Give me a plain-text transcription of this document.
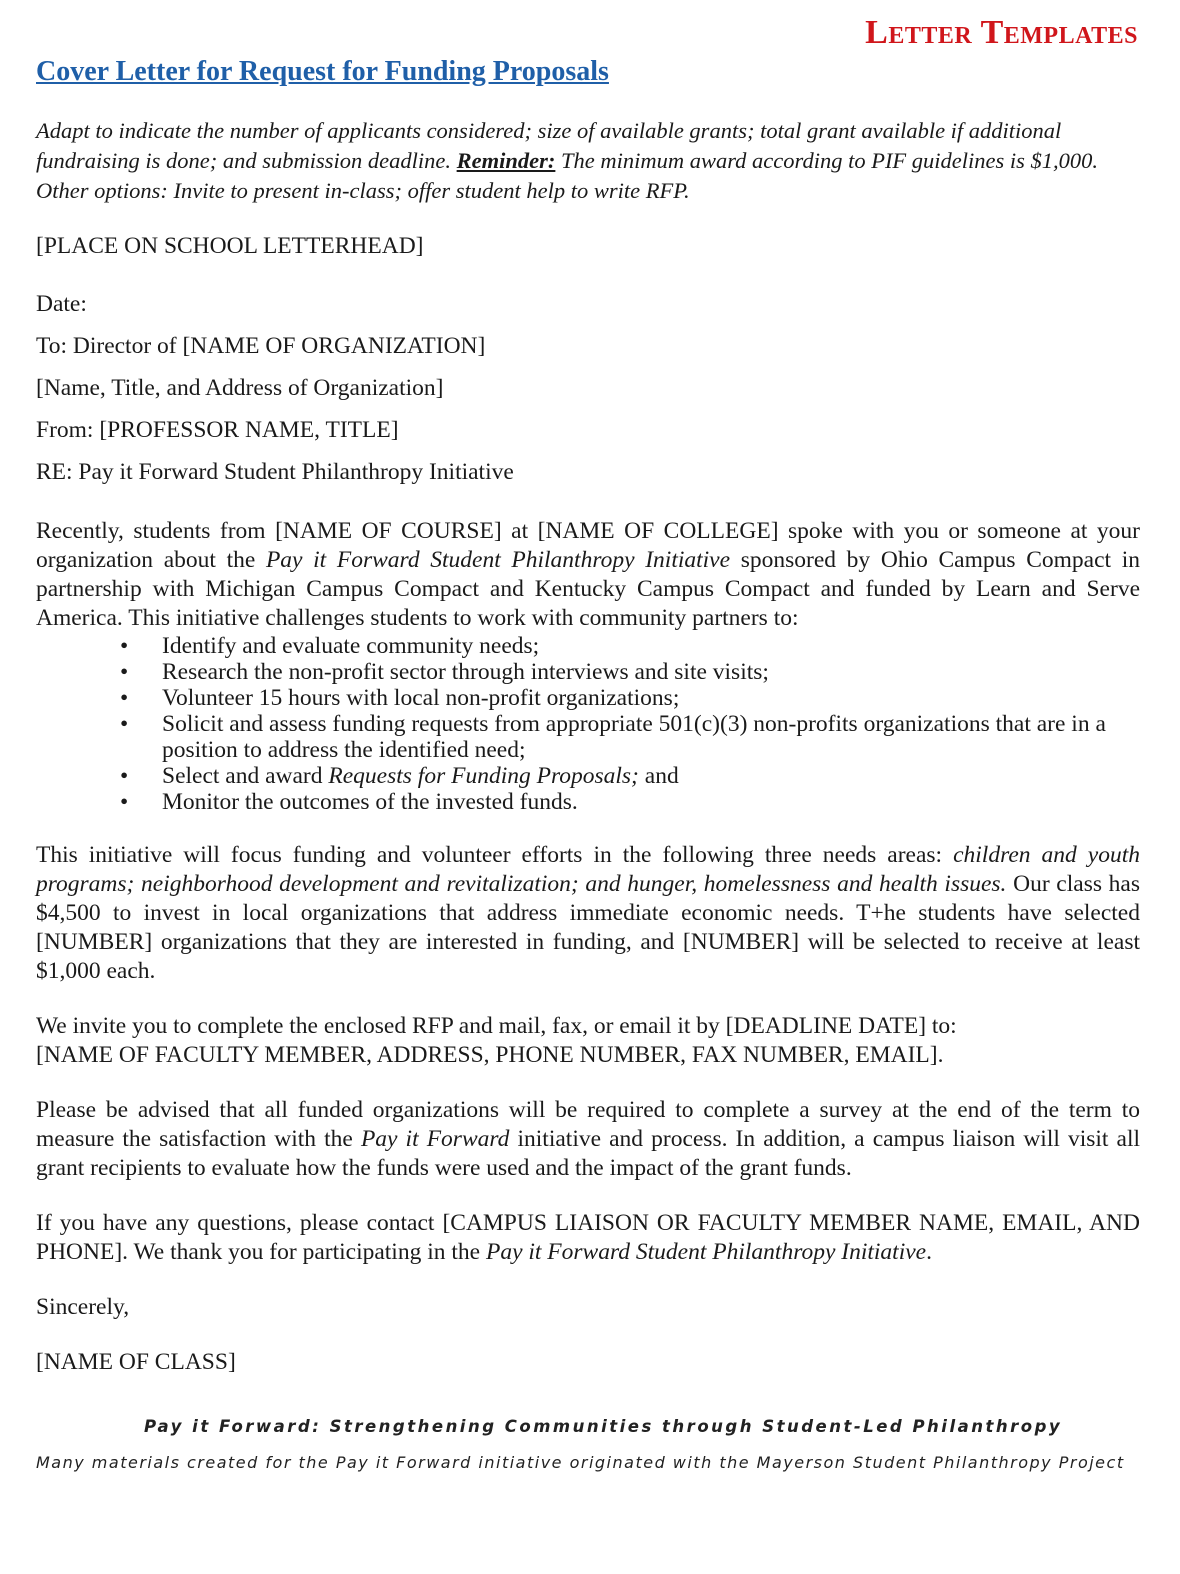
Letter Templates
Cover Letter for Request for Funding Proposals

Adapt to indicate the number of applicants considered; size of available grants; total grant available if additional fundraising is done; and submission deadline. Reminder: The minimum award according to PIF guidelines is $1,000. Other options: Invite to present in-class; offer student help to write RFP.

[PLACE ON SCHOOL LETTERHEAD]

Date:

To: Director of [NAME OF ORGANIZATION]

[Name, Title, and Address of Organization]

From: [PROFESSOR NAME, TITLE]

RE: Pay it Forward Student Philanthropy Initiative

Recently, students from [NAME OF COURSE] at [NAME OF COLLEGE] spoke with you or someone at your organization about the Pay it Forward Student Philanthropy Initiative sponsored by Ohio Campus Compact in partnership with Michigan Campus Compact and Kentucky Campus Compact and funded by Learn and Serve America. This initiative challenges students to work with community partners to:

• Identify and evaluate community needs;
• Research the non-profit sector through interviews and site visits;
• Volunteer 15 hours with local non-profit organizations;
• Solicit and assess funding requests from appropriate 501(c)(3) non-profits organizations that are in a position to address the identified need;
• Select and award Requests for Funding Proposals; and
• Monitor the outcomes of the invested funds.

This initiative will focus funding and volunteer efforts in the following three needs areas: children and youth programs; neighborhood development and revitalization; and hunger, homelessness and health issues. Our class has $4,500 to invest in local organizations that address immediate economic needs. T+he students have selected [NUMBER] organizations that they are interested in funding, and [NUMBER] will be selected to receive at least $1,000 each.

We invite you to complete the enclosed RFP and mail, fax, or email it by [DEADLINE DATE] to:
[NAME OF FACULTY MEMBER, ADDRESS, PHONE NUMBER, FAX NUMBER, EMAIL].

Please be advised that all funded organizations will be required to complete a survey at the end of the term to measure the satisfaction with the Pay it Forward initiative and process. In addition, a campus liaison will visit all grant recipients to evaluate how the funds were used and the impact of the grant funds.

If you have any questions, please contact [CAMPUS LIAISON OR FACULTY MEMBER NAME, EMAIL, AND PHONE]. We thank you for participating in the Pay it Forward Student Philanthropy Initiative.

Sincerely,

[NAME OF CLASS]

Pay it Forward: Strengthening Communities through Student-Led Philanthropy
Many materials created for the Pay it Forward initiative originated with the Mayerson Student Philanthropy Project
